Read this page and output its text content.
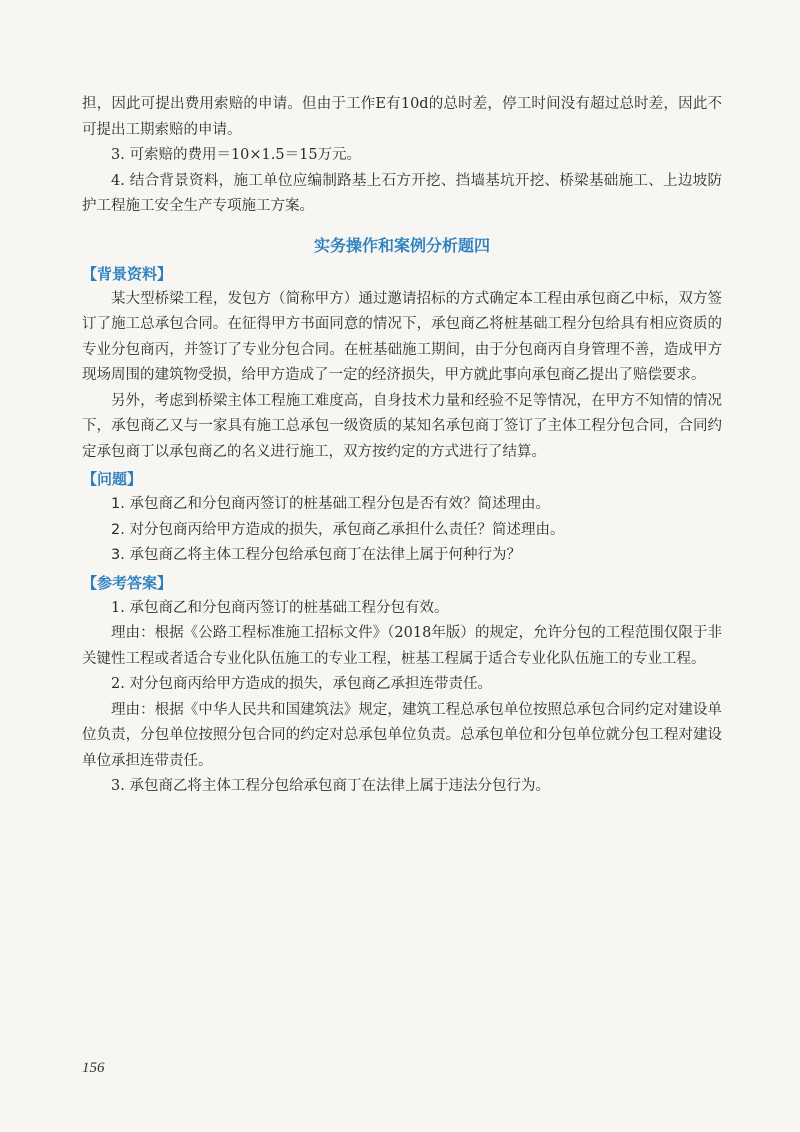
担，因此可提出费用索赔的申请。但由于工作E有10d的总时差，停工时间没有超过总时差，因此不可提出工期索赔的申请。

3. 可索赔的费用＝10×1.5＝15万元。

4. 结合背景资料，施工单位应编制路基上石方开挖、挡墙基坑开挖、桥梁基础施工、上边坡防护工程施工安全生产专项施工方案。

实务操作和案例分析题四
【背景资料】

某大型桥梁工程，发包方（简称甲方）通过邀请招标的方式确定本工程由承包商乙中标，双方签订了施工总承包合同。在征得甲方书面同意的情况下，承包商乙将桩基础工程分包给具有相应资质的专业分包商丙，并签订了专业分包合同。在桩基础施工期间，由于分包商丙自身管理不善，造成甲方现场周围的建筑物受损，给甲方造成了一定的经济损失，甲方就此事向承包商乙提出了赔偿要求。

另外，考虑到桥梁主体工程施工难度高，自身技术力量和经验不足等情况，在甲方不知情的情况下，承包商乙又与一家具有施工总承包一级资质的某知名承包商丁签订了主体工程分包合同，合同约定承包商丁以承包商乙的名义进行施工，双方按约定的方式进行了结算。

【问题】

1. 承包商乙和分包商丙签订的桩基础工程分包是否有效？简述理由。

2. 对分包商丙给甲方造成的损失，承包商乙承担什么责任？简述理由。

3. 承包商乙将主体工程分包给承包商丁在法律上属于何种行为？

【参考答案】

1. 承包商乙和分包商丙签订的桩基础工程分包有效。

理由：根据《公路工程标准施工招标文件》（2018年版）的规定，允许分包的工程范围仅限于非关键性工程或者适合专业化队伍施工的专业工程，桩基工程属于适合专业化队伍施工的专业工程。

2. 对分包商丙给甲方造成的损失，承包商乙承担连带责任。

理由：根据《中华人民共和国建筑法》规定，建筑工程总承包单位按照总承包合同约定对建设单位负责，分包单位按照分包合同的约定对总承包单位负责。总承包单位和分包单位就分包工程对建设单位承担连带责任。

3. 承包商乙将主体工程分包给承包商丁在法律上属于违法分包行为。

156
